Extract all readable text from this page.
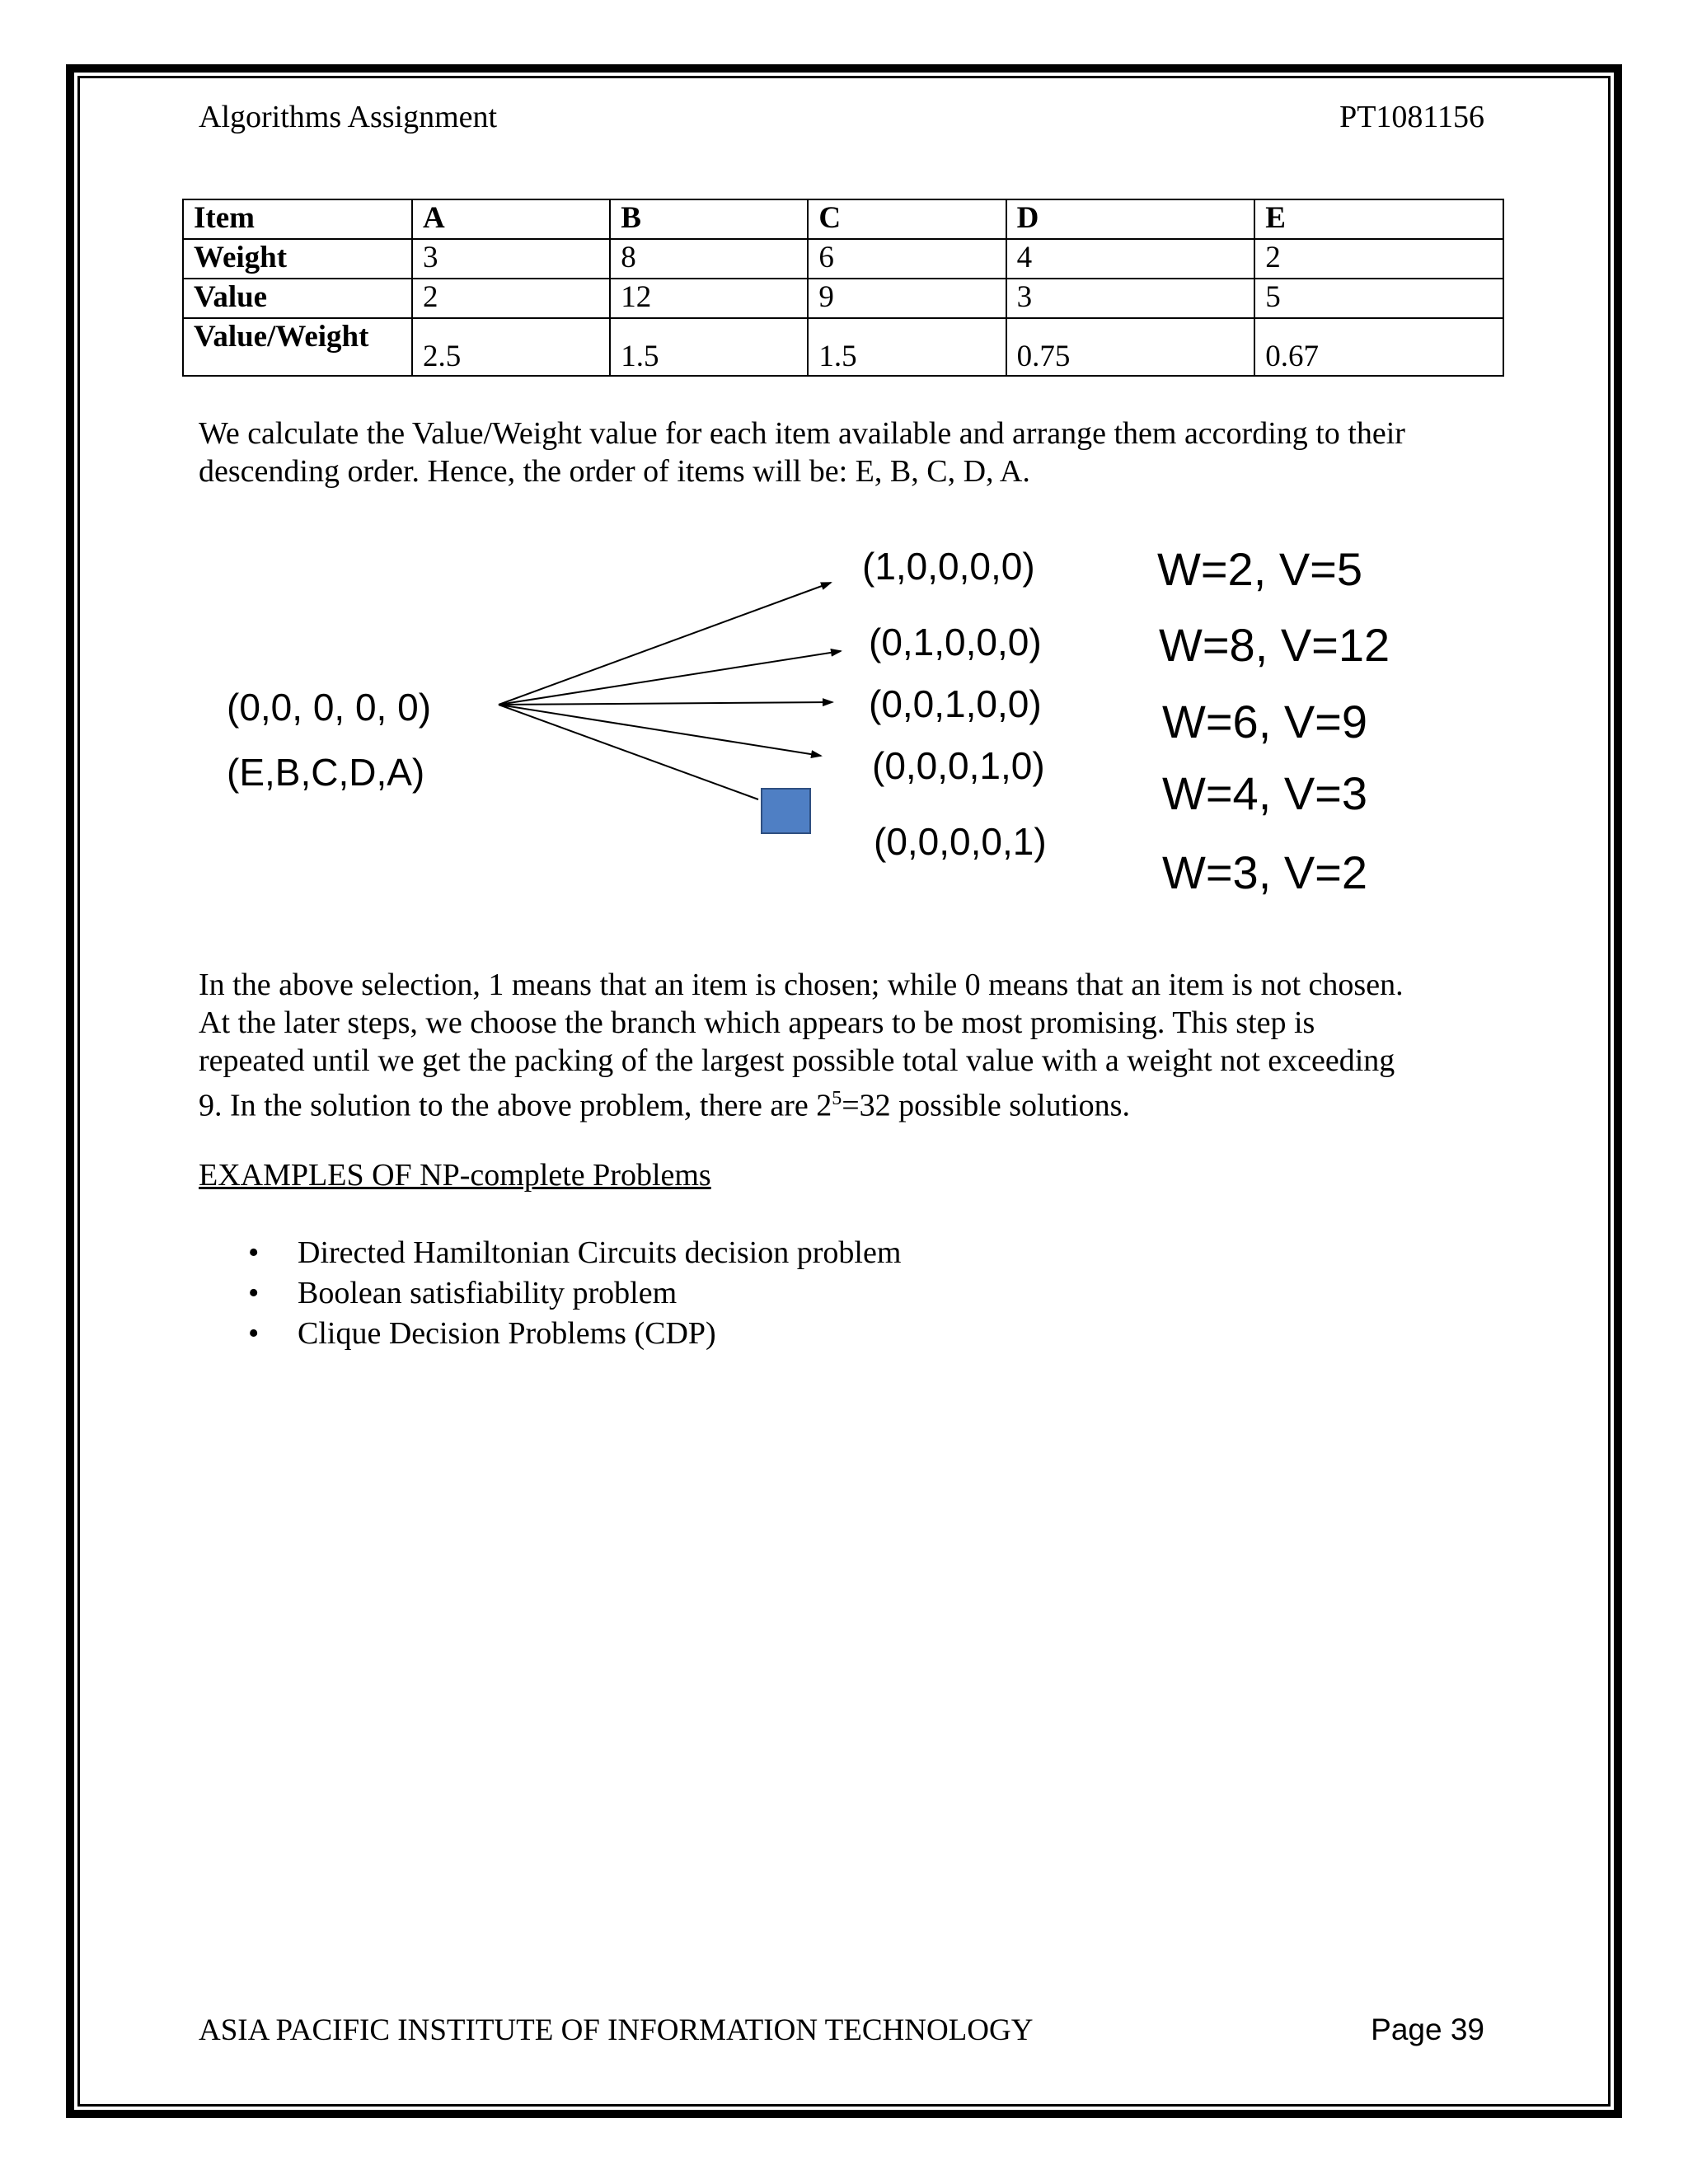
Algorithms Assignment	PT1081156
Item	A	B	C	D	E
Weight	3	8	6	4	2
Value	2	12	9	3	5
Value/Weight	2.5	1.5	1.5	0.75	0.67
We calculate the Value/Weight value for each item available and arrange them according to their
descending order. Hence, the order of items will be: E, B, C, D, A.
(0,0, 0, 0, 0)
(E,B,C,D,A)
(1,0,0,0,0)
(0,1,0,0,0)
(0,0,1,0,0)
(0,0,0,1,0)
(0,0,0,0,1)
W=2, V=5
W=8, V=12
W=6, V=9
W=4, V=3
W=3, V=2
In the above selection, 1 means that an item is chosen; while 0 means that an item is not chosen.
At the later steps, we choose the branch which appears to be most promising. This step is
repeated until we get the packing of the largest possible total value with a weight not exceeding
9. In the solution to the above problem, there are $2^5=32$ possible solutions.
EXAMPLES OF NP-complete Problems
• Directed Hamiltonian Circuits decision problem
• Boolean satisfiability problem
• Clique Decision Problems (CDP)
ASIA PACIFIC INSTITUTE OF INFORMATION TECHNOLOGY	Page 39
